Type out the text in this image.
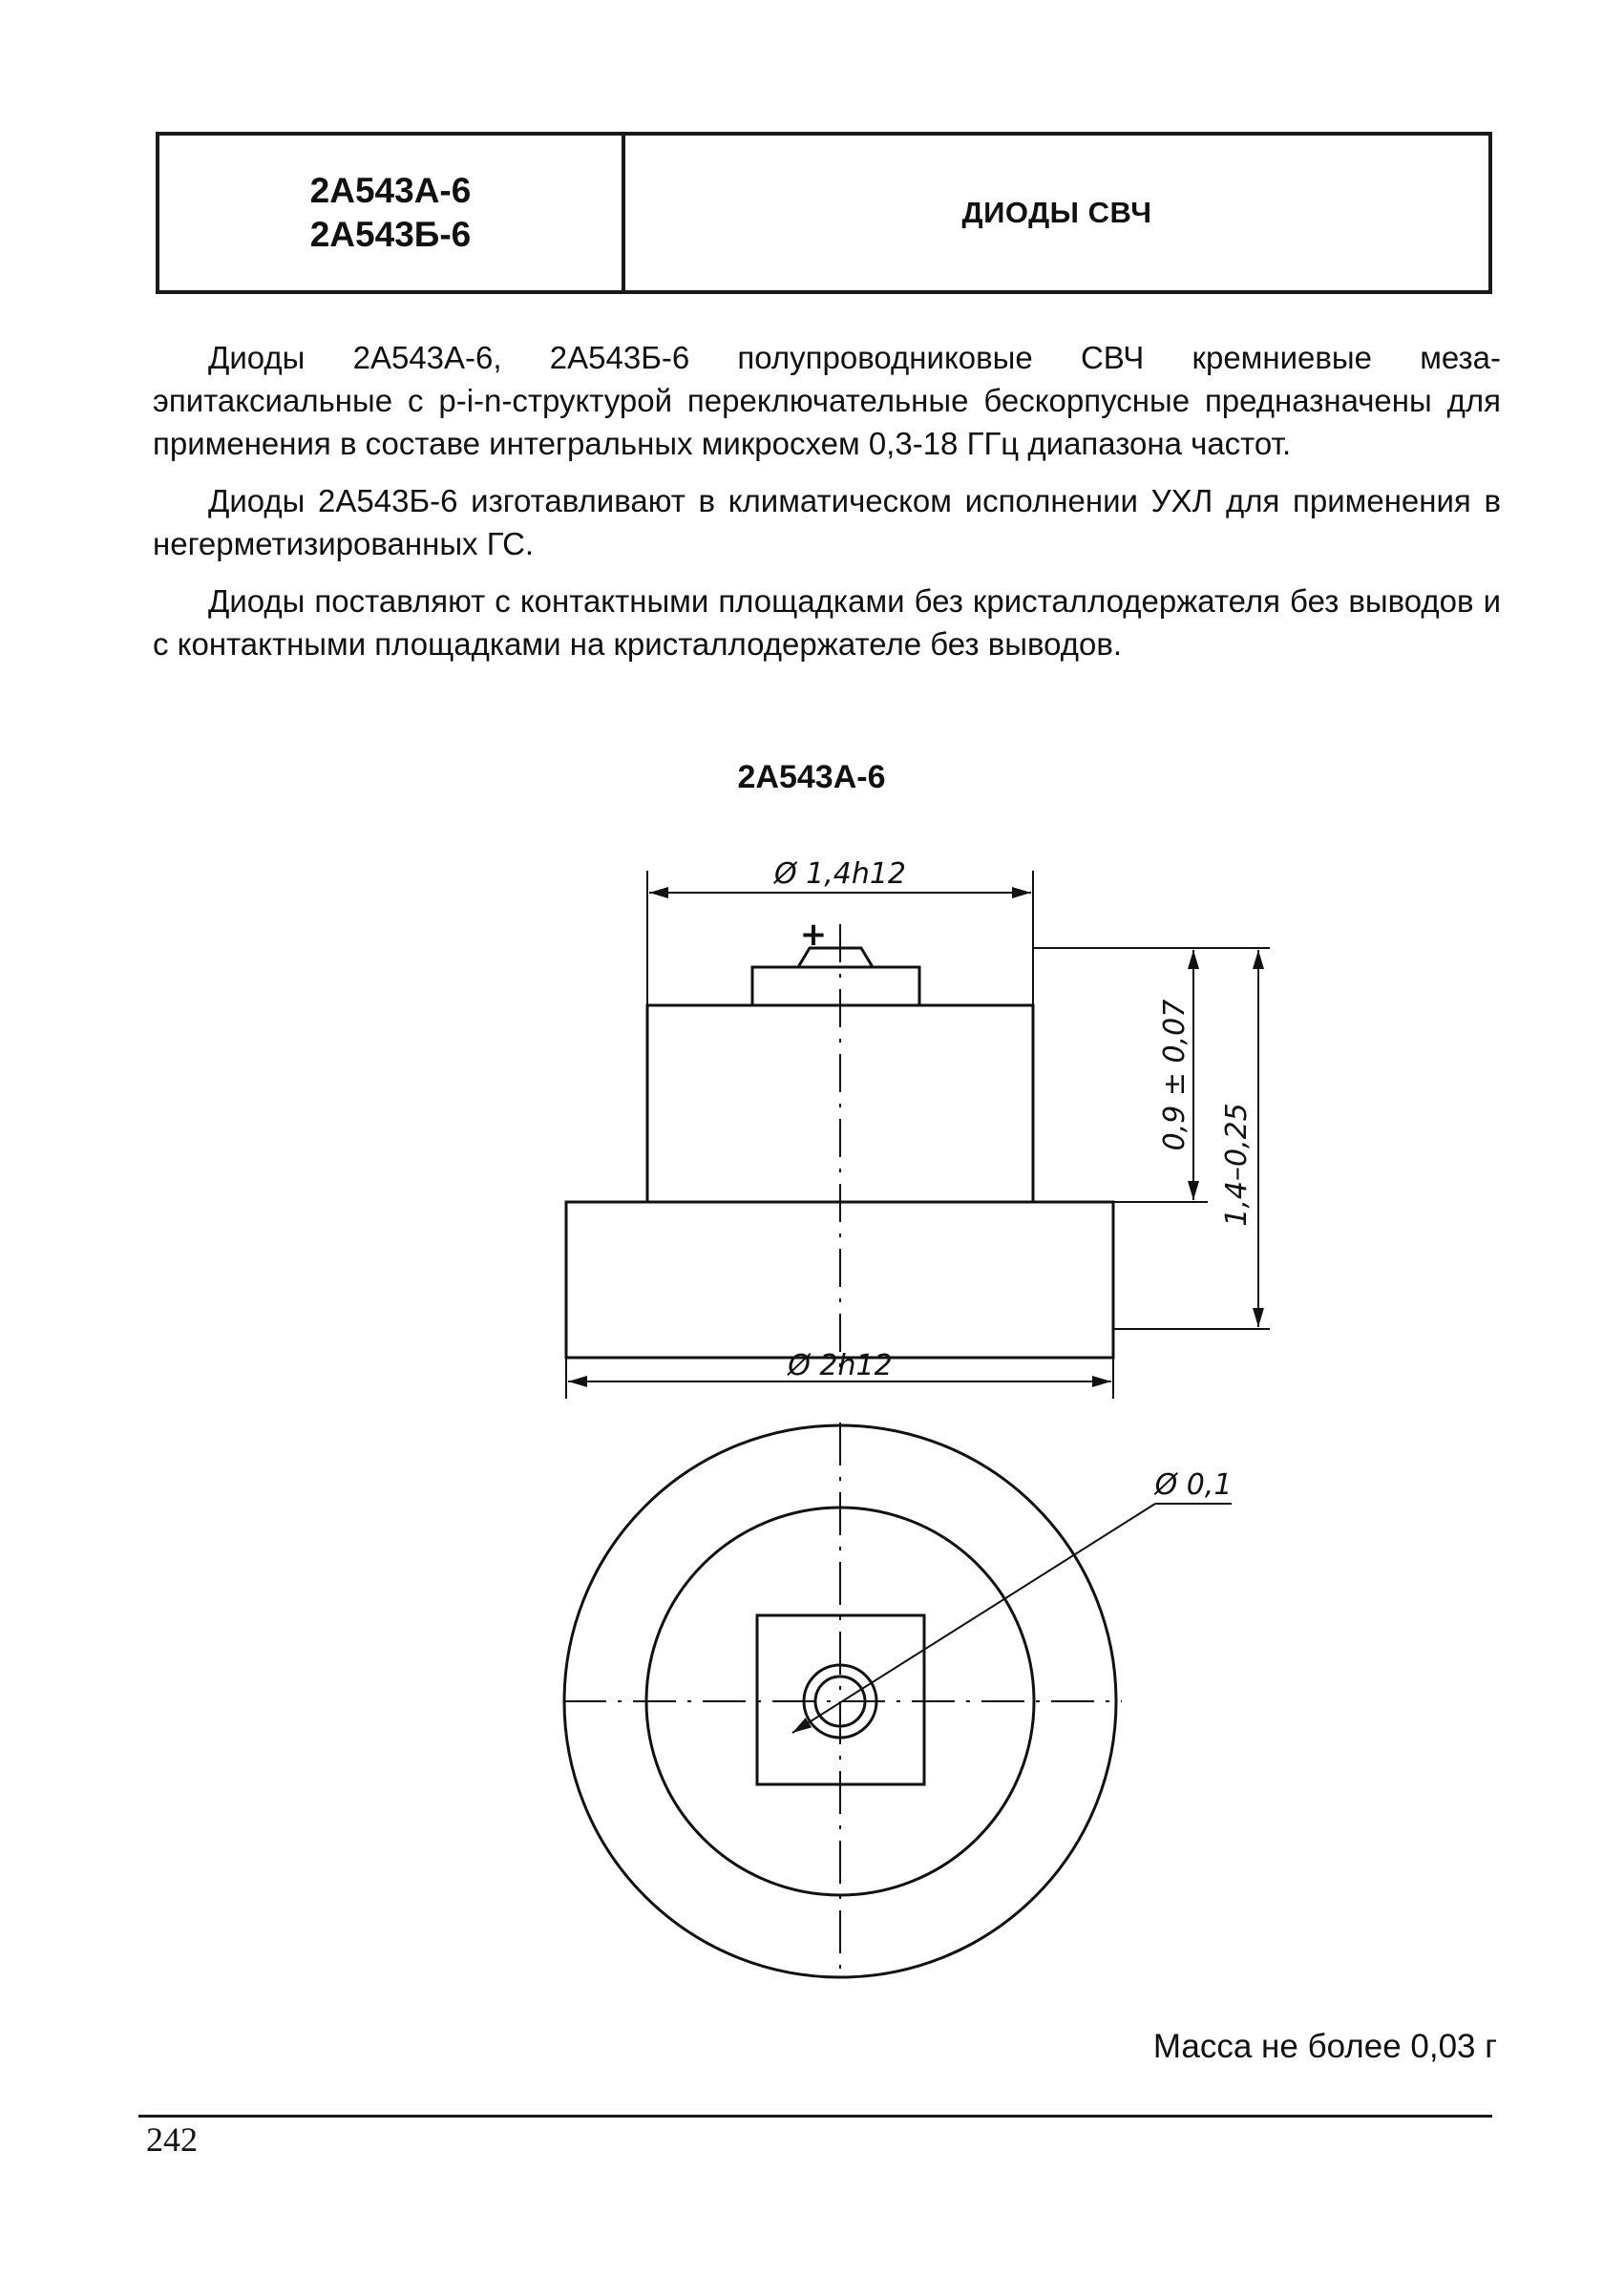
2А543А-6
2А543Б-6
ДИОДЫ СВЧ

Диоды 2А543А-6, 2А543Б-6 полупроводниковые СВЧ кремниевые меза-эпитаксиальные с p-i-n-структурой переключательные бескорпусные предназначены для применения в составе интегральных микросхем 0,3-18 ГГц диапазона частот.

Диоды 2А543Б-6 изготавливают в климатическом исполнении УХЛ для применения в негерметизированных ГС.

Диоды поставляют с контактными площадками без кристаллодержателя без выводов и с контактными площадками на кристаллодержателе без выводов.

2А543А-6
Ø 1,4h12
Ø 2h12
0,9 ± 0,07
1,4–0,25
Ø 0,1
+
Масса не более 0,03 г
242
